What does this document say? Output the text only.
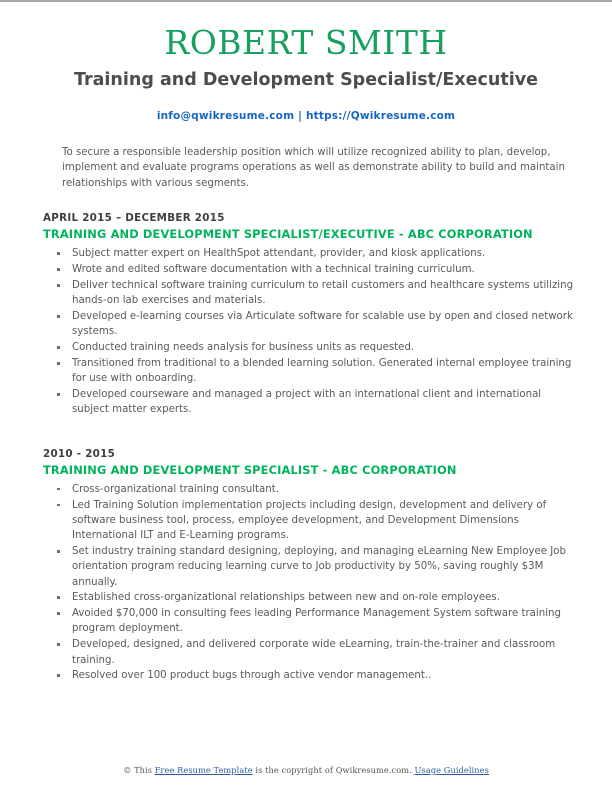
ROBERT SMITH
Training and Development Specialist/Executive
info@qwikresume.com | https://Qwikresume.com

To secure a responsible leadership position which will utilize recognized ability to plan, develop, implement and evaluate programs operations as well as demonstrate ability to build and maintain relationships with various segments.

APRIL 2015 – DECEMBER 2015
TRAINING AND DEVELOPMENT SPECIALIST/EXECUTIVE - ABC CORPORATION
Subject matter expert on HealthSpot attendant, provider, and kiosk applications.
Wrote and edited software documentation with a technical training curriculum.
Deliver technical software training curriculum to retail customers and healthcare systems utilizing hands-on lab exercises and materials.
Developed e-learning courses via Articulate software for scalable use by open and closed network systems.
Conducted training needs analysis for business units as requested.
Transitioned from traditional to a blended learning solution. Generated internal employee training for use with onboarding.
Developed courseware and managed a project with an international client and international subject matter experts.
2010 - 2015
TRAINING AND DEVELOPMENT SPECIALIST - ABC CORPORATION
Cross-organizational training consultant.
Led Training Solution implementation projects including design, development and delivery of software business tool, process, employee development, and Development Dimensions International ILT and E-Learning programs.
Set industry training standard designing, deploying, and managing eLearning New Employee Job orientation program reducing learning curve to Job productivity by 50%, saving roughly $3M annually.
Established cross-organizational relationships between new and on-role employees.
Avoided $70,000 in consulting fees leading Performance Management System software training program deployment.
Developed, designed, and delivered corporate wide eLearning, train-the-trainer and classroom training.
Resolved over 100 product bugs through active vendor management..
© This Free Resume Template is the copyright of Qwikresume.com. Usage Guidelines
